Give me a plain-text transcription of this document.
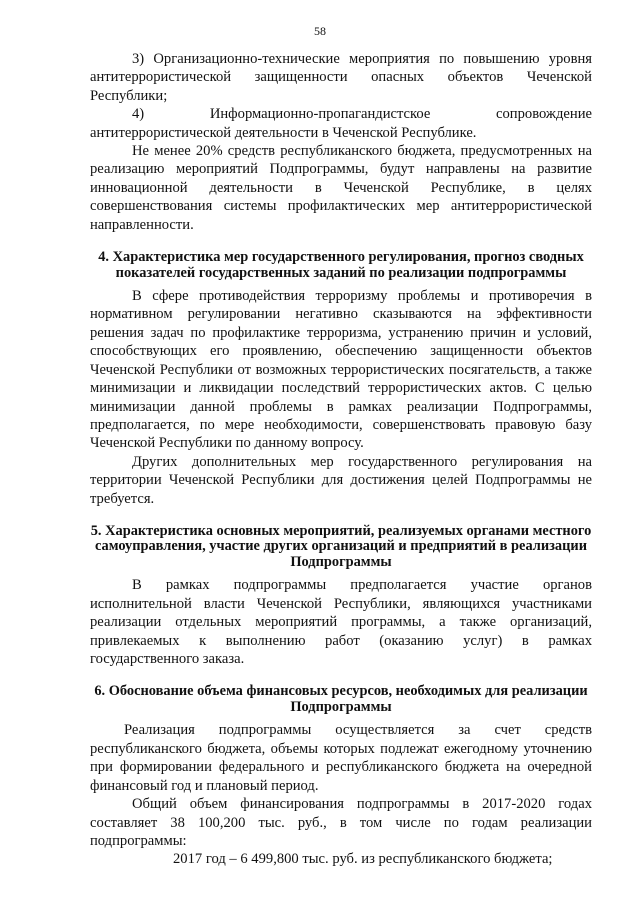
58

3) Организационно-технические мероприятия по повышению уровня антитеррористической защищенности опасных объектов Чеченской Республики;

4) Информационно-пропагандистское сопровождение антитеррористической деятельности в Чеченской Республике.

Не менее 20% средств республиканского бюджета, предусмотренных на реализацию мероприятий Подпрограммы, будут направлены на развитие инновационной деятельности в Чеченской Республике, в целях совершенствования системы профилактических мер антитеррористической направленности.

4. Характеристика мер государственного регулирования, прогноз сводных показателей государственных заданий по реализации подпрограммы

В сфере противодействия терроризму проблемы и противоречия в нормативном регулировании негативно сказываются на эффективности решения задач по профилактике терроризма, устранению причин и условий, способствующих его проявлению, обеспечению защищенности объектов Чеченской Республики от возможных террористических посягательств, а также минимизации и ликвидации последствий террористических актов. С целью минимизации данной проблемы в рамках реализации Подпрограммы, предполагается, по мере необходимости, совершенствовать правовую базу Чеченской Республики по данному вопросу.

Других дополнительных мер государственного регулирования на территории Чеченской Республики для достижения целей Подпрограммы не требуется.

5. Характеристика основных мероприятий, реализуемых органами местного самоуправления, участие других организаций и предприятий в реализации Подпрограммы

В рамках подпрограммы предполагается участие органов исполнительной власти Чеченской Республики, являющихся участниками реализации отдельных мероприятий программы, а также организаций, привлекаемых к выполнению работ (оказанию услуг) в рамках государственного заказа.

6. Обоснование объема финансовых ресурсов, необходимых для реализации Подпрограммы

Реализация подпрограммы осуществляется за счет средств республиканского бюджета, объемы которых подлежат ежегодному уточнению при формировании федерального и республиканского бюджета на очередной финансовый год и плановый период.

Общий объем финансирования подпрограммы в 2017-2020 годах составляет 38 100,200 тыс. руб., в том числе по годам реализации подпрограммы:

2017 год – 6 499,800 тыс. руб. из республиканского бюджета;
